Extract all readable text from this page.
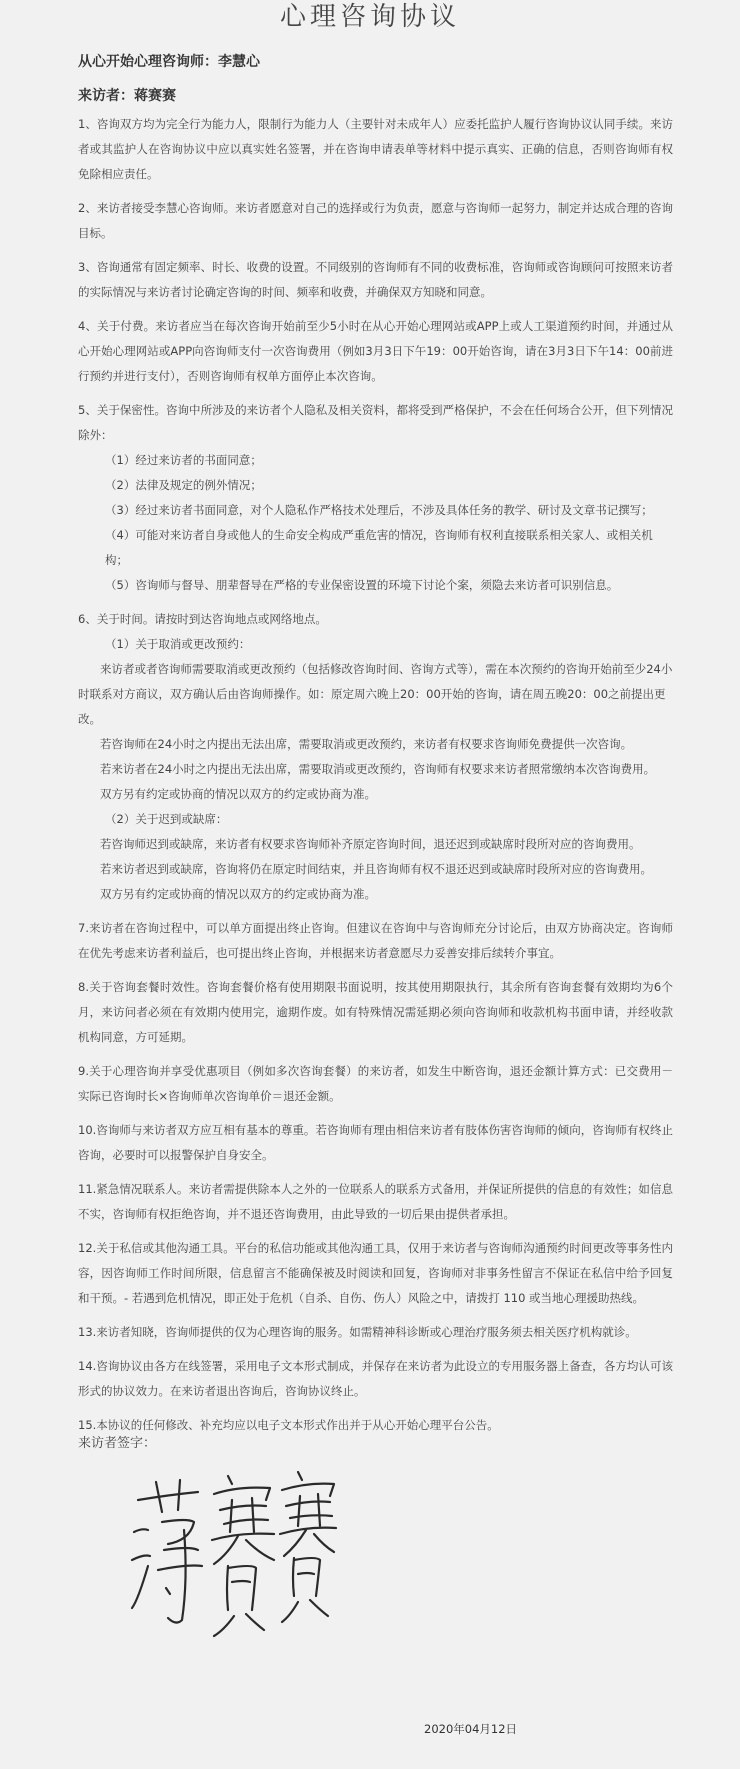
心理咨询协议
从心开始心理咨询师：李慧心
来访者：蒋赛赛

1、咨询双方均为完全行为能力人，限制行为能力人（主要针对未成年人）应委托监护人履行咨询协议认同手续。来访者或其监护人在咨询协议中应以真实姓名签署，并在咨询申请表单等材料中提示真实、正确的信息，否则咨询师有权免除相应责任。

2、来访者接受李慧心咨询师。来访者愿意对自己的选择或行为负责，愿意与咨询师一起努力，制定并达成合理的咨询目标。

3、咨询通常有固定频率、时长、收费的设置。不同级别的咨询师有不同的收费标准，咨询师或咨询顾问可按照来访者的实际情况与来访者讨论确定咨询的时间、频率和收费，并确保双方知晓和同意。

4、关于付费。来访者应当在每次咨询开始前至少5小时在从心开始心理网站或APP上或人工渠道预约时间，并通过从心开始心理网站或APP向咨询师支付一次咨询费用（例如3月3日下午19：00开始咨询，请在3月3日下午14：00前进行预约并进行支付），否则咨询师有权单方面停止本次咨询。

5、关于保密性。咨询中所涉及的来访者个人隐私及相关资料，都将受到严格保护，不会在任何场合公开，但下列情况除外：

（1）经过来访者的书面同意；

（2）法律及规定的例外情况；

（3）经过来访者书面同意，对个人隐私作严格技术处理后，不涉及具体任务的教学、研讨及文章书记撰写；

（4）可能对来访者自身或他人的生命安全构成严重危害的情况，咨询师有权利直接联系相关家人、或相关机构；

（5）咨询师与督导、朋辈督导在严格的专业保密设置的环境下讨论个案，须隐去来访者可识别信息。

6、关于时间。请按时到达咨询地点或网络地点。

（1）关于取消或更改预约：

来访者或者咨询师需要取消或更改预约（包括修改咨询时间、咨询方式等），需在本次预约的咨询开始前至少24小时联系对方商议，双方确认后由咨询师操作。如：原定周六晚上20：00开始的咨询，请在周五晚20：00之前提出更改。

若咨询师在24小时之内提出无法出席，需要取消或更改预约，来访者有权要求咨询师免费提供一次咨询。

若来访者在24小时之内提出无法出席，需要取消或更改预约，咨询师有权要求来访者照常缴纳本次咨询费用。

双方另有约定或协商的情况以双方的约定或协商为准。

（2）关于迟到或缺席：

若咨询师迟到或缺席，来访者有权要求咨询师补齐原定咨询时间，退还迟到或缺席时段所对应的咨询费用。

若来访者迟到或缺席，咨询将仍在原定时间结束，并且咨询师有权不退还迟到或缺席时段所对应的咨询费用。

双方另有约定或协商的情况以双方的约定或协商为准。

7.来访者在咨询过程中，可以单方面提出终止咨询。但建议在咨询中与咨询师充分讨论后，由双方协商决定。咨询师在优先考虑来访者利益后，也可提出终止咨询，并根据来访者意愿尽力妥善安排后续转介事宜。

8.关于咨询套餐时效性。咨询套餐价格有使用期限书面说明，按其使用期限执行，其余所有咨询套餐有效期均为6个月，来访问者必须在有效期内使用完，逾期作废。如有特殊情况需延期必须向咨询师和收款机构书面申请，并经收款机构同意，方可延期。

9.关于心理咨询并享受优惠项目（例如多次咨询套餐）的来访者，如发生中断咨询，退还金额计算方式：已交费用－实际已咨询时长×咨询师单次咨询单价＝退还金额。

10.咨询师与来访者双方应互相有基本的尊重。若咨询师有理由相信来访者有肢体伤害咨询师的倾向，咨询师有权终止咨询，必要时可以报警保护自身安全。

11.紧急情况联系人。来访者需提供除本人之外的一位联系人的联系方式备用，并保证所提供的信息的有效性；如信息不实，咨询师有权拒绝咨询，并不退还咨询费用，由此导致的一切后果由提供者承担。

12.关于私信或其他沟通工具。平台的私信功能或其他沟通工具，仅用于来访者与咨询师沟通预约时间更改等事务性内容，因咨询师工作时间所限，信息留言不能确保被及时阅读和回复，咨询师对非事务性留言不保证在私信中给予回复和干预。- 若遇到危机情况，即正处于危机（自杀、自伤、伤人）风险之中，请拨打 110 或当地心理援助热线。

13.来访者知晓，咨询师提供的仅为心理咨询的服务。如需精神科诊断或心理治疗服务须去相关医疗机构就诊。

14.咨询协议由各方在线签署，采用电子文本形式制成，并保存在来访者为此设立的专用服务器上备查，各方均认可该形式的协议效力。在来访者退出咨询后，咨询协议终止。

15.本协议的任何修改、补充均应以电子文本形式作出并于从心开始心理平台公告。

来访者签字：
2020年04月12日
